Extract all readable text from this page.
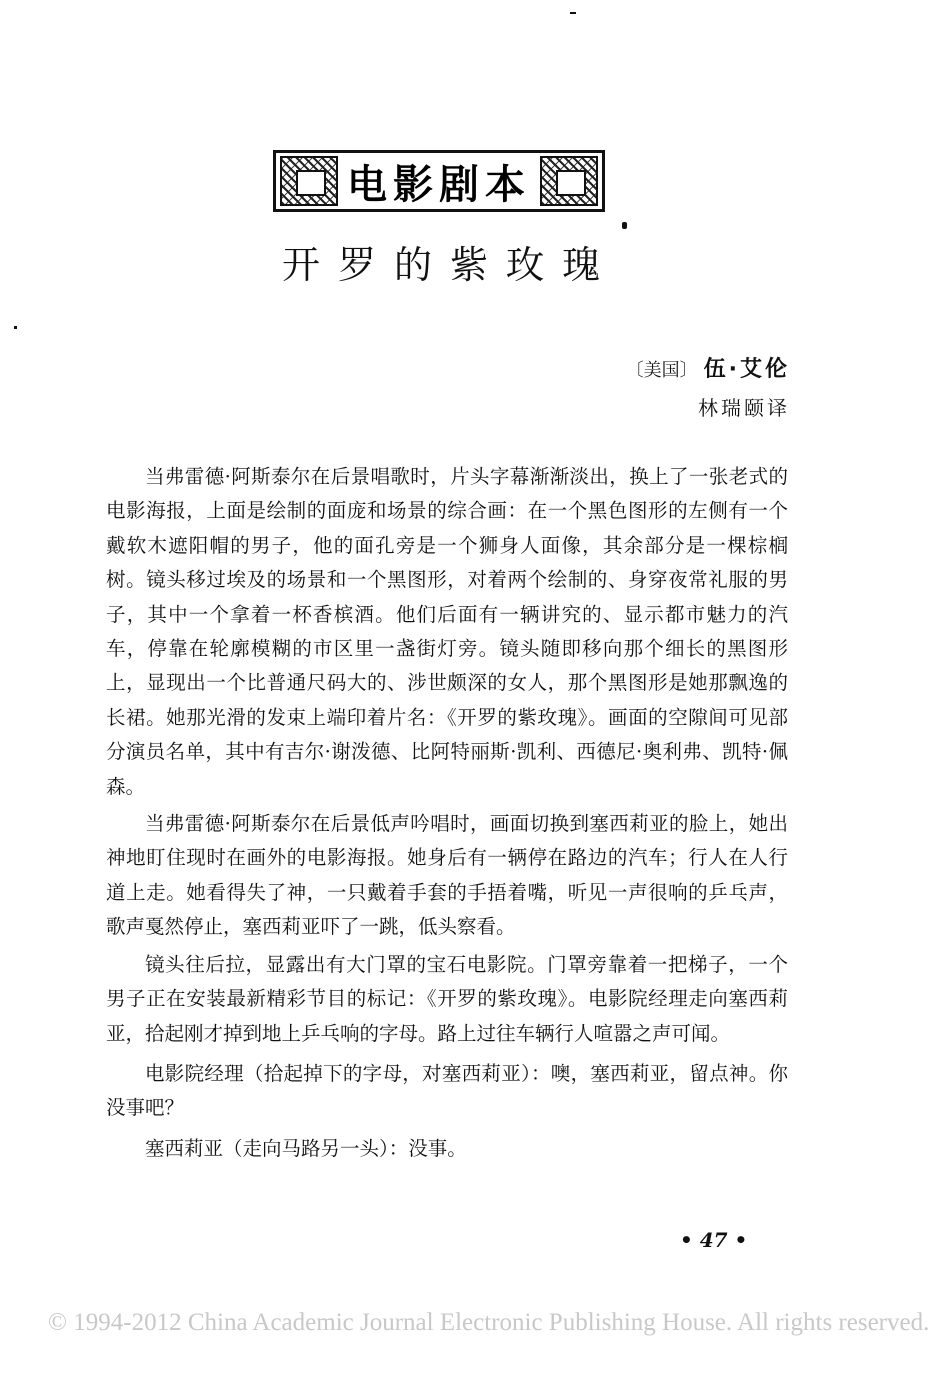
电影剧本
开罗的紫玫瑰
〔美国〕 伍·艾伦
林瑞颐译

当弗雷德·阿斯泰尔在后景唱歌时，片头字幕渐渐淡出，换上了一张老式的电影海报，上面是绘制的面庞和场景的综合画：在一个黑色图形的左侧有一个戴软木遮阳帽的男子，他的面孔旁是一个狮身人面像，其余部分是一棵棕榈树。镜头移过埃及的场景和一个黑图形，对着两个绘制的、身穿夜常礼服的男子，其中一个拿着一杯香槟酒。他们后面有一辆讲究的、显示都市魅力的汽车，停靠在轮廓模糊的市区里一盏街灯旁。镜头随即移向那个细长的黑图形上，显现出一个比普通尺码大的、涉世颇深的女人，那个黑图形是她那飘逸的长裙。她那光滑的发束上端印着片名：《开罗的紫玫瑰》。画面的空隙间可见部分演员名单，其中有吉尔·谢泼德、比阿特丽斯·凯利、西德尼·奥利弗、凯特·佩森。

当弗雷德·阿斯泰尔在后景低声吟唱时，画面切换到塞西莉亚的脸上，她出神地盯住现时在画外的电影海报。她身后有一辆停在路边的汽车；行人在人行道上走。她看得失了神，一只戴着手套的手捂着嘴，听见一声很响的乒乓声，歌声戛然停止，塞西莉亚吓了一跳，低头察看。

镜头往后拉，显露出有大门罩的宝石电影院。门罩旁靠着一把梯子，一个男子正在安装最新精彩节目的标记：《开罗的紫玫瑰》。电影院经理走向塞西莉亚，拾起刚才掉到地上乒乓响的字母。路上过往车辆行人喧嚣之声可闻。

电影院经理（拾起掉下的字母，对塞西莉亚）：噢，塞西莉亚，留点神。你没事吧？

塞西莉亚（走向马路另一头）：没事。

• 47 •
© 1994-2012 China Academic Journal Electronic Publishing House. All rights reserved.
